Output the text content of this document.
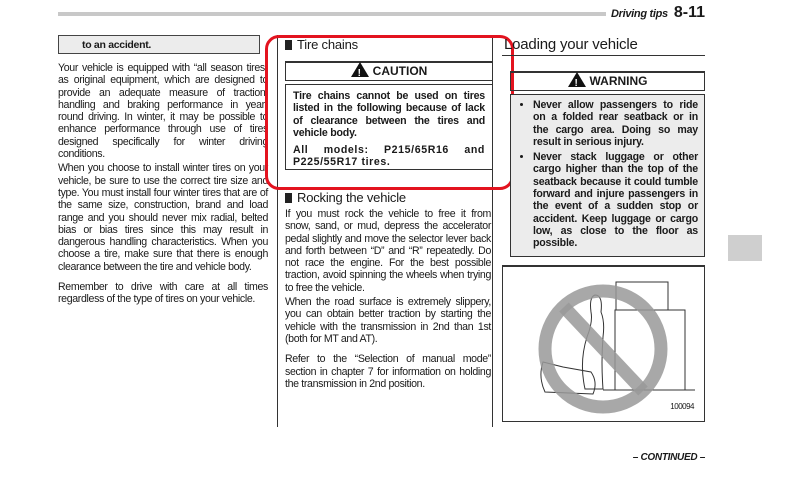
Driving tips 8-11
to an accident.

Your vehicle is equipped with “all season tires” as original equipment, which are designed to provide an adequate measure of traction, handling and braking performance in year-round driving. In winter, it may be possible to enhance performance through use of tires designed specifically for winter driving conditions.

When you choose to install winter tires on your vehicle, be sure to use the correct tire size and type. You must install four winter tires that are of the same size, construction, brand and load range and you should never mix radial, belted bias or bias tires since this may result in dangerous handling characteristics. When you choose a tire, make sure that there is enough clearance between the tire and vehicle body.

Remember to drive with care at all times regardless of the type of tires on your vehicle.

Tire chains
!CAUTION
Tire chains cannot be used on tires listed in the following because of lack of clearance between the tires and vehicle body.
All models: P215/65R16 and P225/55R17 tires.
Rocking the vehicle

If you must rock the vehicle to free it from snow, sand, or mud, depress the accelerator pedal slightly and move the selector lever back and forth between “D” and “R” repeatedly. Do not race the engine. For the best possible traction, avoid spinning the wheels when trying to free the vehicle.

When the road surface is extremely slippery, you can obtain better traction by starting the vehicle with the transmission in 2nd than 1st (both for MT and AT).

Refer to the “Selection of manual mode” section in chapter 7 for information on holding the transmission in 2nd position.

Loading your vehicle
!WARNING
• Never allow passengers to ride on a folded rear seatback or in the cargo area. Doing so may result in serious injury.
• Never stack luggage or other cargo higher than the top of the seatback because it could tumble forward and injure passengers in the event of a sudden stop or accident. Keep luggage or cargo low, as close to the floor as possible.
100094
– CONTINUED –
